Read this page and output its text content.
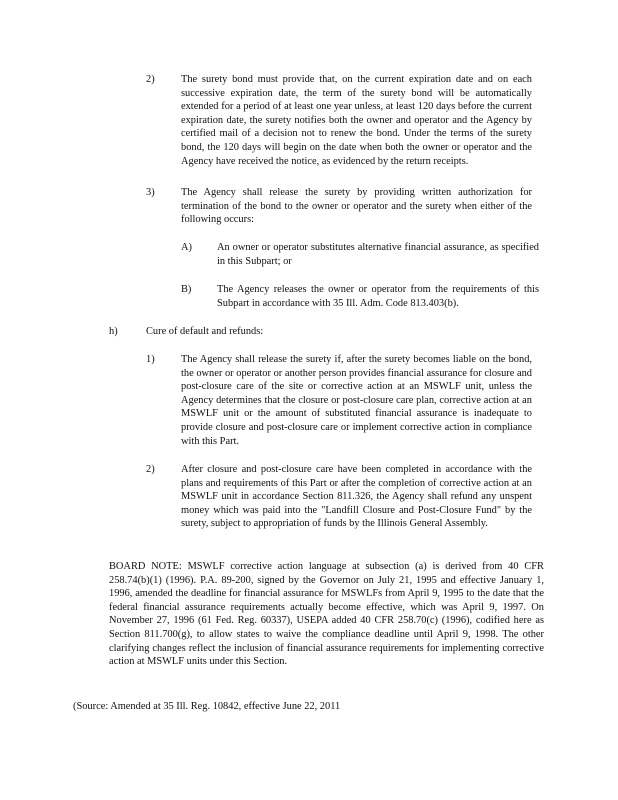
2)	The surety bond must provide that, on the current expiration date and on each successive expiration date, the term of the surety bond will be automatically extended for a period of at least one year unless, at least 120 days before the current expiration date, the surety notifies both the owner and operator and the Agency by certified mail of a decision not to renew the bond. Under the terms of the surety bond, the 120 days will begin on the date when both the owner or operator and the Agency have received the notice, as evidenced by the return receipts.
3)	The Agency shall release the surety by providing written authorization for termination of the bond to the owner or operator and the surety when either of the following occurs:
A) An owner or operator substitutes alternative financial assurance, as specified in this Subpart; or
B) The Agency releases the owner or operator from the requirements of this Subpart in accordance with 35 Ill. Adm. Code 813.403(b).
h)	Cure of default and refunds:
1)	The Agency shall release the surety if, after the surety becomes liable on the bond, the owner or operator or another person provides financial assurance for closure and post-closure care of the site or corrective action at an MSWLF unit, unless the Agency determines that the closure or post-closure care plan, corrective action at an MSWLF unit or the amount of substituted financial assurance is inadequate to provide closure and post-closure care or implement corrective action in compliance with this Part.
2)	After closure and post-closure care have been completed in accordance with the plans and requirements of this Part or after the completion of corrective action at an MSWLF unit in accordance Section 811.326, the Agency shall refund any unspent money which was paid into the "Landfill Closure and Post-Closure Fund" by the surety, subject to appropriation of funds by the Illinois General Assembly.
BOARD NOTE: MSWLF corrective action language at subsection (a) is derived from 40 CFR 258.74(b)(1) (1996). P.A. 89-200, signed by the Governor on July 21, 1995 and effective January 1, 1996, amended the deadline for financial assurance for MSWLFs from April 9, 1995 to the date that the federal financial assurance requirements actually become effective, which was April 9, 1997. On November 27, 1996 (61 Fed. Reg. 60337), USEPA added 40 CFR 258.70(c) (1996), codified here as Section 811.700(g), to allow states to waive the compliance deadline until April 9, 1998. The other clarifying changes reflect the inclusion of financial assurance requirements for implementing corrective action at MSWLF units under this Section.
(Source: Amended at 35 Ill. Reg. 10842, effective June 22, 2011
